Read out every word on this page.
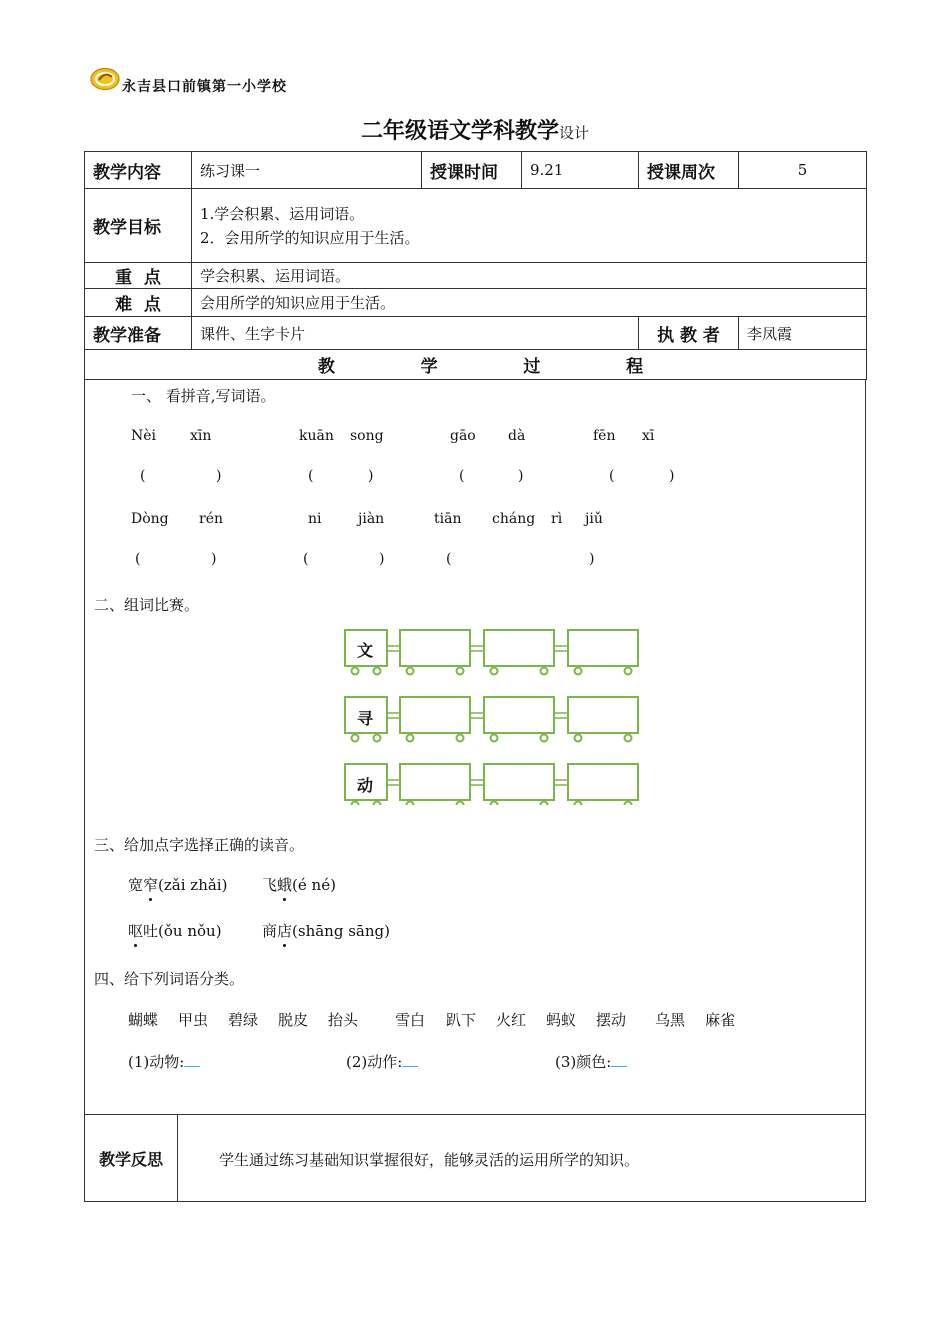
永吉县口前镇第一小学校
二年级语文学科教学设计
教学内容	练习课一	授课时间	9.21	授课周次	5
教学目标	1.学会积累、运用词语。
2．会用所学的知识应用于生活。				

重  点	学会积累、运用词语。				
难  点	会用所学的知识应用于生活。				
教学准备	课件、生字卡片			执 教 者	李凤霞

教 学 过 程					
一、 看拼音,写词语。
Nèi xīn	kuān song	gāo dà	fēn xī
(	)	(	)	(	)	(	)
Dòng rén	ni	jiàn	tiān cháng rì jiǔ
(	)	(	)	(	)
二、组词比赛。
文
寻
动
三、给加点字选择正确的读音。
宽窄(zǎi zhǎi) 飞蛾(é né)
呕吐(ǒu nǒu)	商店(shāng sāng)
四、给下列词语分类。
蝴蝶 甲虫 碧绿 脱皮 抬头 雪白 趴下 火红 蚂蚁 摆动 乌黑 麻雀
(1)动物:	(2)动作:	(3)颜色:
教学反思	学生通过练习基础知识掌握很好，能够灵活的运用所学的知识。
